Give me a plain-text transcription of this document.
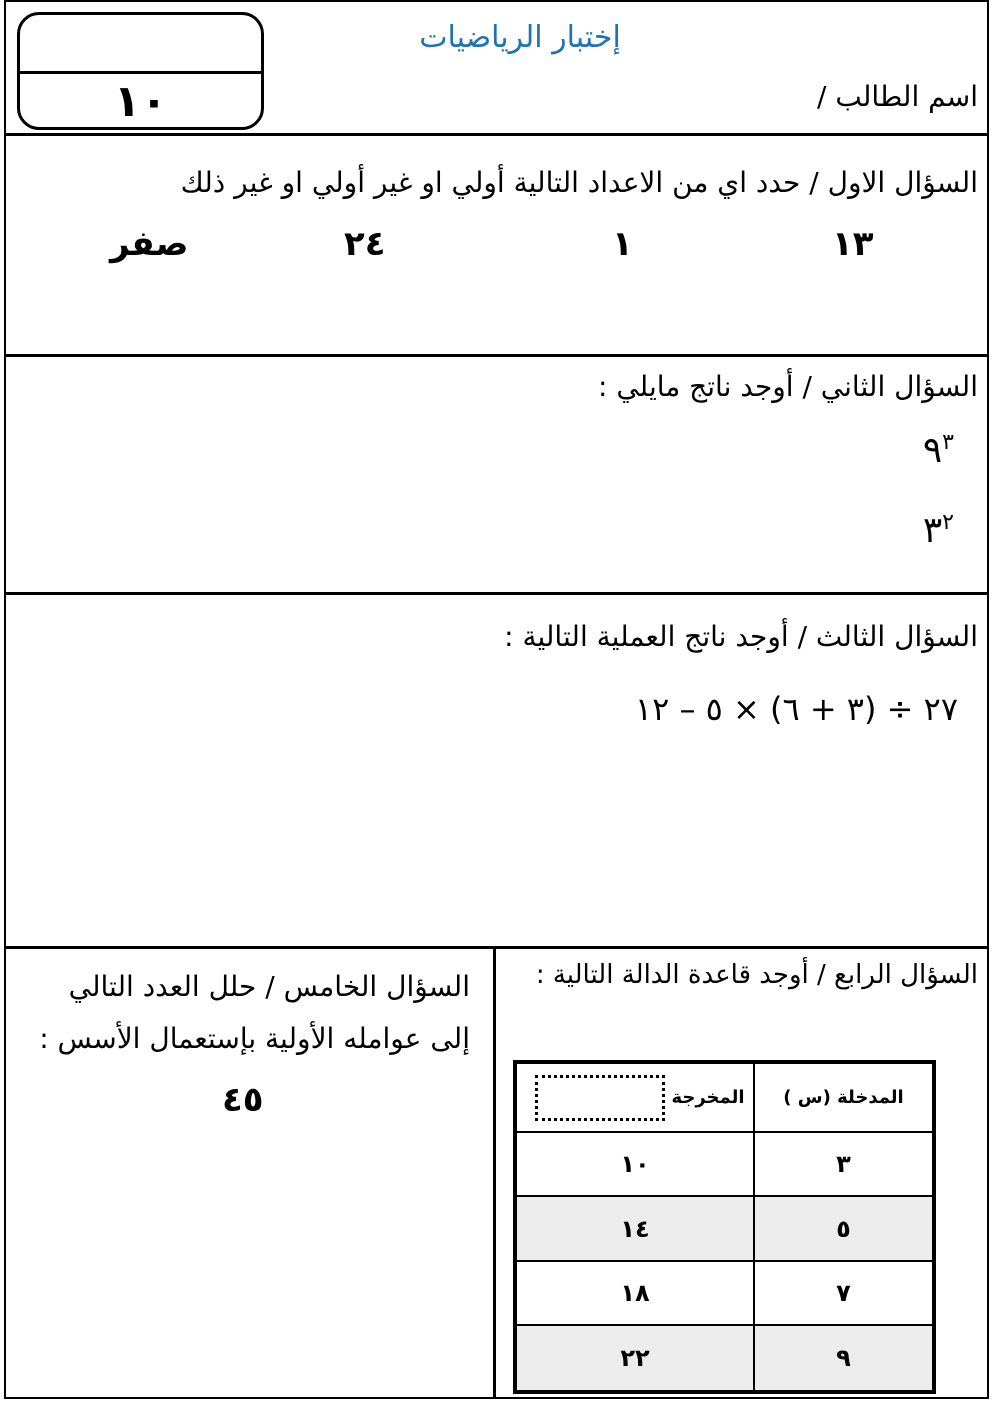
١٠
إختبار الرياضيات
اسم الطالب /
السؤال الاول / حدد اي من الاعداد التالية أولي او غير أولي او غير ذلك
١٣
١
٢٤
صفر
السؤال الثاني / أوجد ناتج مايلي :
$٩^٣$
$٣^٢$
السؤال الثالث / أوجد ناتج العملية التالية :
٢٧ ÷ (٣ + ٦) × ٥ – ١٢
السؤال الرابع / أوجد قاعدة الدالة التالية :
المدخلة (س )	المخرجة

٣	١٠
٥	١٤
٧	١٨
٩	٢٢
السؤال الخامس / حلل العدد التالي
إلى عوامله الأولية بإستعمال الأسس :
٤٥
